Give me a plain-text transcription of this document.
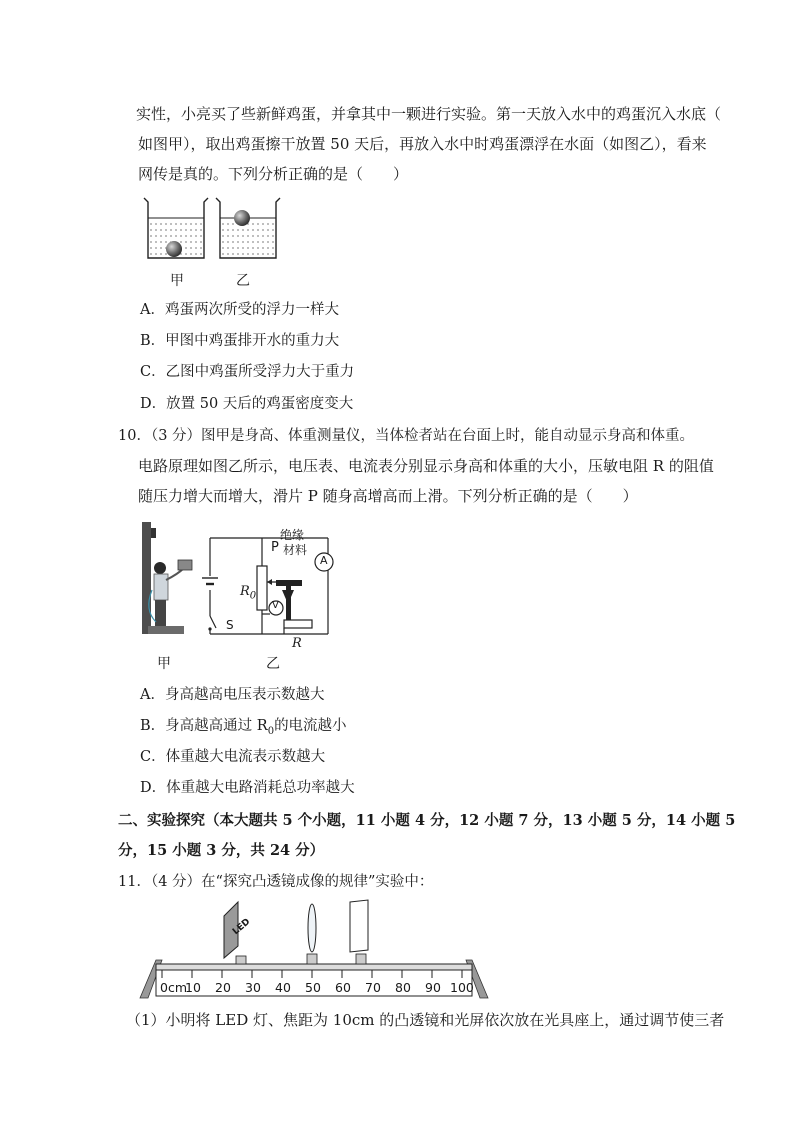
实性，小亮买了些新鲜鸡蛋，并拿其中一颗进行实验。第一天放入水中的鸡蛋沉入水底（
如图甲），取出鸡蛋擦干放置 50 天后，再放入水中时鸡蛋漂浮在水面（如图乙），看来
网传是真的。下列分析正确的是（　　）
甲	乙
A．鸡蛋两次所受的浮力一样大
B．甲图中鸡蛋排开水的重力大
C．乙图中鸡蛋所受浮力大于重力
D．放置 50 天后的鸡蛋密度变大
10．（3 分）图甲是身高、体重测量仪，当体检者站在台面上时，能自动显示身高和体重。
电路原理如图乙所示，电压表、电流表分别显示身高和体重的大小，压敏电阻 R 的阻值
随压力增大而增大，滑片 P 随身高增高而上滑。下列分析正确的是（　　）
绝缘
P 材料
$R_0$
V
A
S
R
甲	乙
A．身高越高电压表示数越大
B．身高越高通过 $R_0$的电流越小
C．体重越大电流表示数越大
D．体重越大电路消耗总功率越大
二、实验探究（本大题共 5 个小题，11 小题 4 分，12 小题 7 分，13 小题 5 分，14 小题 5
分，15 小题 3 分，共 24 分）
11．（4 分）在“探究凸透镜成像的规律”实验中：
LED
0cm
10 20 30 40 50 60 70 80 90 100
（1）小明将 LED 灯、焦距为 10cm 的凸透镜和光屏依次放在光具座上，通过调节使三者
